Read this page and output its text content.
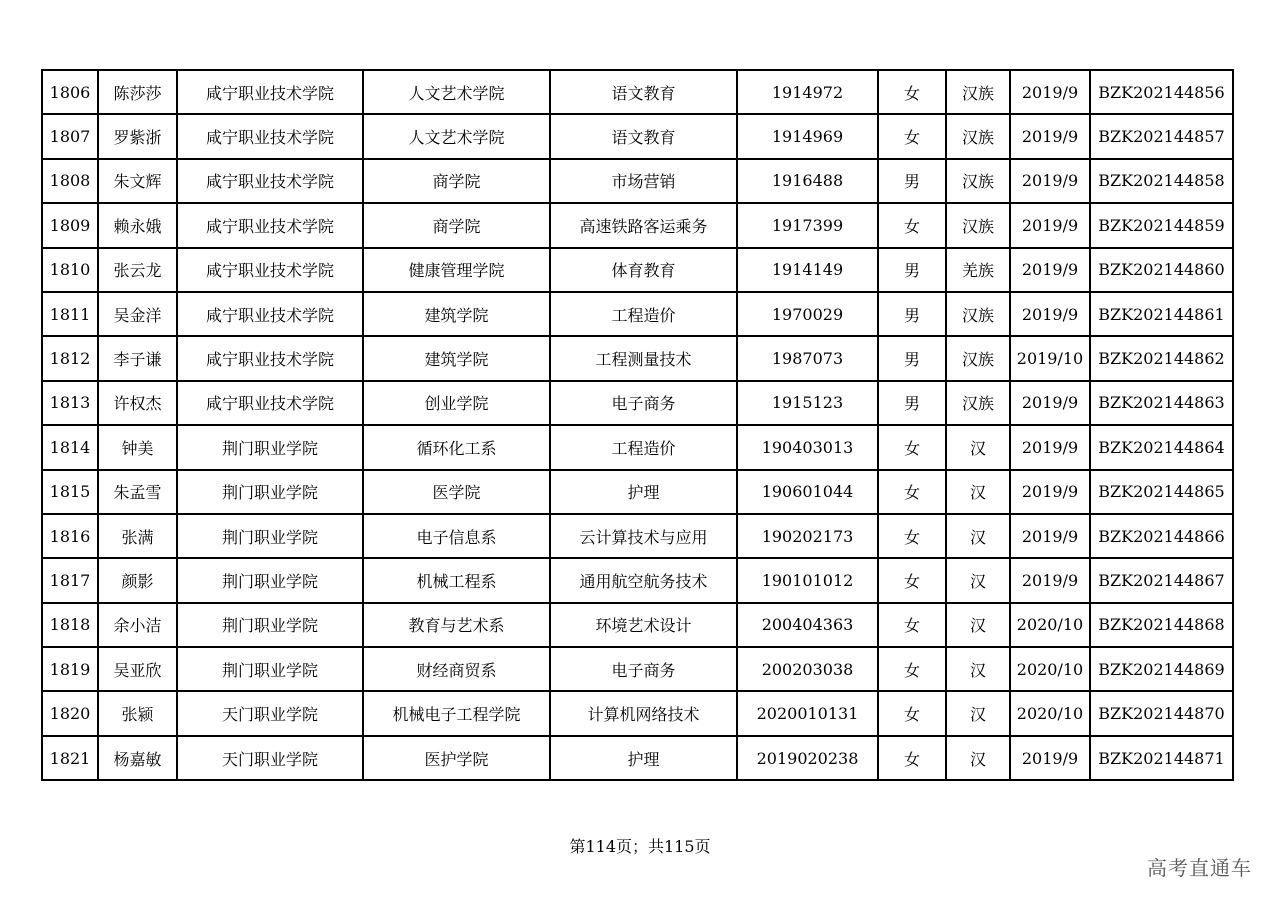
1806	陈莎莎	咸宁职业技术学院	人文艺术学院	语文教育	1914972	女	汉族	2019/9	BZK202144856
1807	罗紫浙	咸宁职业技术学院	人文艺术学院	语文教育	1914969	女	汉族	2019/9	BZK202144857
1808	朱文辉	咸宁职业技术学院	商学院	市场营销	1916488	男	汉族	2019/9	BZK202144858
1809	赖永娥	咸宁职业技术学院	商学院	高速铁路客运乘务	1917399	女	汉族	2019/9	BZK202144859
1810	张云龙	咸宁职业技术学院	健康管理学院	体育教育	1914149	男	羌族	2019/9	BZK202144860
1811	吴金洋	咸宁职业技术学院	建筑学院	工程造价	1970029	男	汉族	2019/9	BZK202144861
1812	李子谦	咸宁职业技术学院	建筑学院	工程测量技术	1987073	男	汉族	2019/10	BZK202144862
1813	许权杰	咸宁职业技术学院	创业学院	电子商务	1915123	男	汉族	2019/9	BZK202144863
1814	钟美	荆门职业学院	循环化工系	工程造价	190403013	女	汉	2019/9	BZK202144864
1815	朱孟雪	荆门职业学院	医学院	护理	190601044	女	汉	2019/9	BZK202144865
1816	张满	荆门职业学院	电子信息系	云计算技术与应用	190202173	女	汉	2019/9	BZK202144866
1817	颜影	荆门职业学院	机械工程系	通用航空航务技术	190101012	女	汉	2019/9	BZK202144867
1818	余小洁	荆门职业学院	教育与艺术系	环境艺术设计	200404363	女	汉	2020/10	BZK202144868
1819	吴亚欣	荆门职业学院	财经商贸系	电子商务	200203038	女	汉	2020/10	BZK202144869
1820	张颍	天门职业学院	机械电子工程学院	计算机网络技术	2020010131	女	汉	2020/10	BZK202144870
1821	杨嘉敏	天门职业学院	医护学院	护理	2019020238	女	汉	2019/9	BZK202144871
第114页；共115页
高考直通车
